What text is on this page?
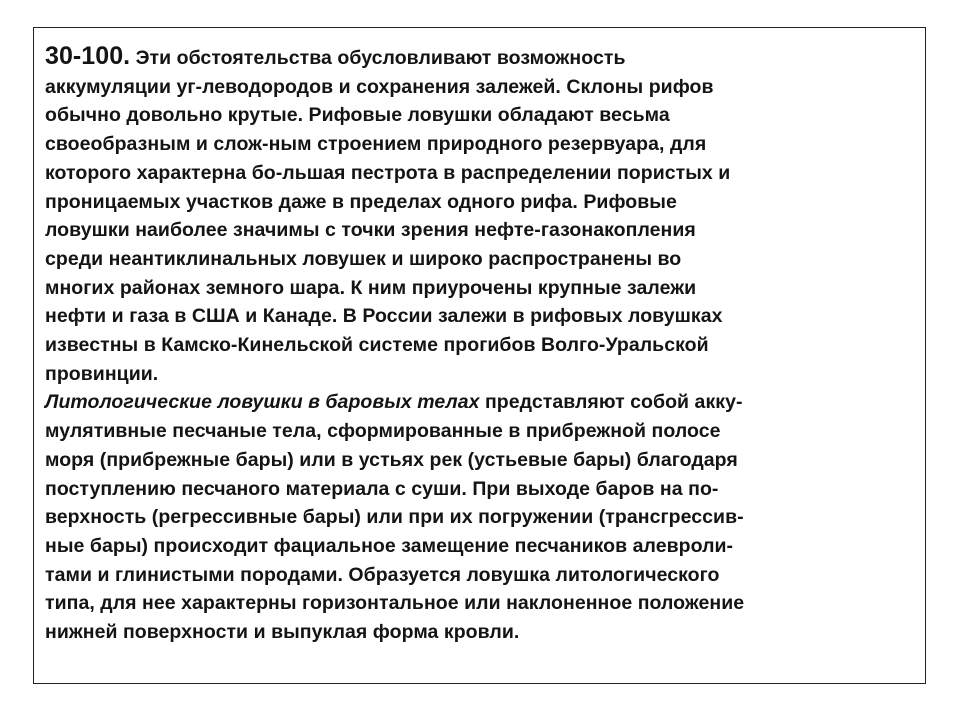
30-100. Эти обстоятельства обусловливают возможность
аккумуляции уг-леводородов и сохранения залежей. Склоны рифов
обычно довольно крутые. Рифовые ловушки обладают весьма
своеобразным и слож-ным строением природного резервуара, для
которого характерна бо-льшая пестрота в распределении пористых и
проницаемых участков даже в пределах одного рифа. Рифовые
ловушки наиболее значимы с точки зрения нефте-газонакопления
среди неантиклинальных ловушек и широко распространены во
многих районах земного шара. К ним приурочены крупные залежи
нефти и газа в США и Канаде. В России залежи в рифовых ловушках
известны в Камско-Кинельской системе прогибов Волго-Уральской
провинции.
Литологические ловушки в баровых телах представляют собой акку-
мулятивные песчаные тела, сформированные в прибрежной полосе
моря (прибрежные бары) или в устьях рек (устьевые бары) благодаря
поступлению песчаного материала с суши. При выходе баров на по-
верхность (регрессивные бары) или при их погружении (трансгрессив-
ные бары) происходит фациальное замещение песчаников алевроли-
тами и глинистыми породами. Образуется ловушка литологического
типа, для нее характерны горизонтальное или наклоненное положение
нижней поверхности и выпуклая форма кровли.
